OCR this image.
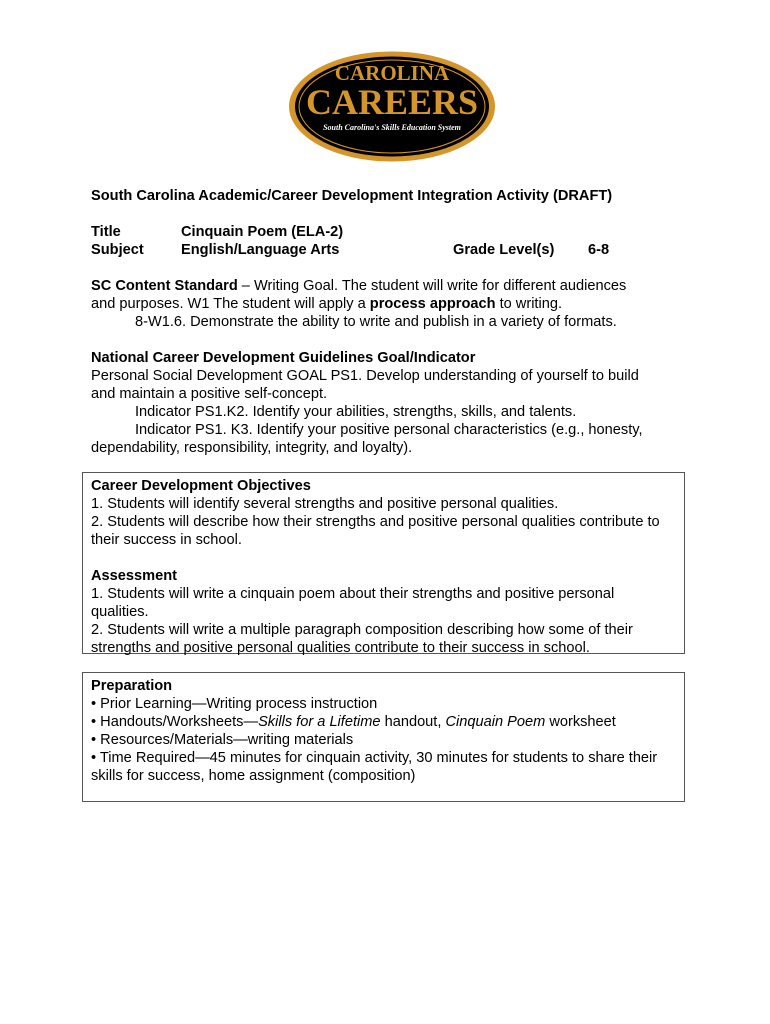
CAROLINA
CAREERS
South Carolina's Skills Education System
South Carolina Academic/Career Development Integration Activity (DRAFT)
Title	Cinquain Poem (ELA-2)
Subject	English/Language Arts	Grade Level(s) 6-8
SC Content Standard – Writing Goal. The student will write for different audiences
and purposes. W1 The student will apply a process approach to writing.
8-W1.6. Demonstrate the ability to write and publish in a variety of formats.
National Career Development Guidelines Goal/Indicator
Personal Social Development GOAL PS1. Develop understanding of yourself to build
and maintain a positive self-concept.
Indicator PS1.K2. Identify your abilities, strengths, skills, and talents.
Indicator PS1. K3. Identify your positive personal characteristics (e.g., honesty,
dependability, responsibility, integrity, and loyalty).
Career Development Objectives
1. Students will identify several strengths and positive personal qualities.
2. Students will describe how their strengths and positive personal qualities contribute to
their success in school.
Assessment
1. Students will write a cinquain poem about their strengths and positive personal
qualities.
2. Students will write a multiple paragraph composition describing how some of their
strengths and positive personal qualities contribute to their success in school.
Preparation
• Prior Learning—Writing process instruction
• Handouts/Worksheets—Skills for a Lifetime handout, Cinquain Poem worksheet
• Resources/Materials—writing materials
• Time Required—45 minutes for cinquain activity, 30 minutes for students to share their
skills for success, home assignment (composition)
